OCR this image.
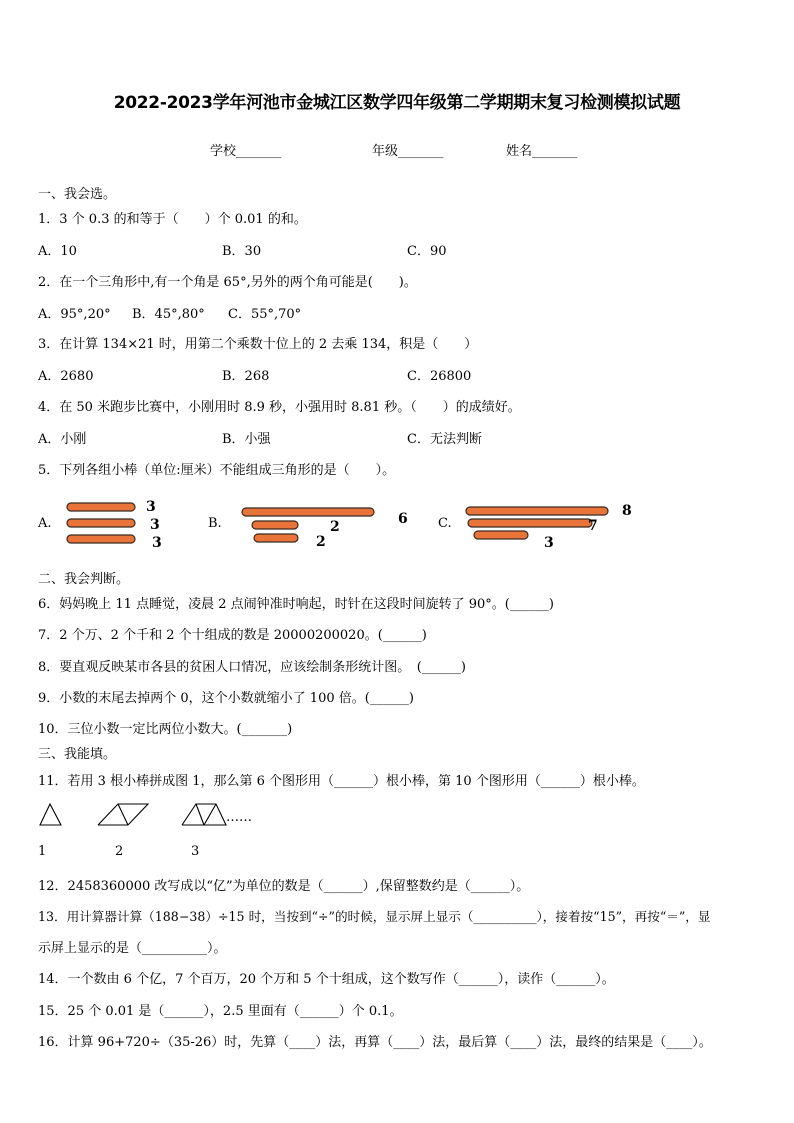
2022-2023学年河池市金城江区数学四年级第二学期期末复习检测模拟试题
学校_______	年级_______	姓名_______
一、我会选。
1．3 个 0.3 的和等于（　　）个 0.01 的和。
A．10	B．30	C．90
2．在一个三角形中,有一个角是 65°,另外的两个角可能是(　　)。
A．95°,20° B．45°,80° C．55°,70°
3．在计算 134×21 时，用第二个乘数十位上的 2 去乘 134，积是（　　）
A．2680	B．268	C．26800
4．在 50 米跑步比赛中，小刚用时 8.9 秒，小强用时 8.81 秒。（　　）的成绩好。
A．小刚	B．小强	C．无法判断
5．下列各组小棒（单位:厘米）不能组成三角形的是（　　）。
A.
3
3
3
B.	6
2
2
C.
8
7
3
二、我会判断。
6．妈妈晚上 11 点睡觉，凌晨 2 点闹钟准时响起，时针在这段时间旋转了 90°。(______)
7．2 个万、2 个千和 2 个十组成的数是 20000200020。(______)
8．要直观反映某市各县的贫困人口情况，应该绘制条形统计图。　(______)
9．小数的末尾去掉两个 0，这个小数就缩小了 100 倍。(______)
10．三位小数一定比两位小数大。(_______)
三、我能填。
11．若用 3 根小棒拼成图 1，那么第 6 个图形用（______）根小棒，第 10 个图形用（______）根小棒。
……
1	2	3
12．2458360000 改写成以“亿”为单位的数是（______）,保留整数约是（______）。
13．用计算器计算（188−38）÷15 时，当按到“÷”的时候，显示屏上显示（__________），接着按“15”，再按“＝”，显
示屏上显示的是（__________）。
14．一个数由 6 个亿，7 个百万，20 个万和 5 个十组成，这个数写作（______），读作（______）。
15．25 个 0.01 是（______），2.5 里面有（______）个 0.1。
16．计算 96+720÷（35-26）时，先算（____）法，再算（____）法，最后算（____）法，最终的结果是（____）。
